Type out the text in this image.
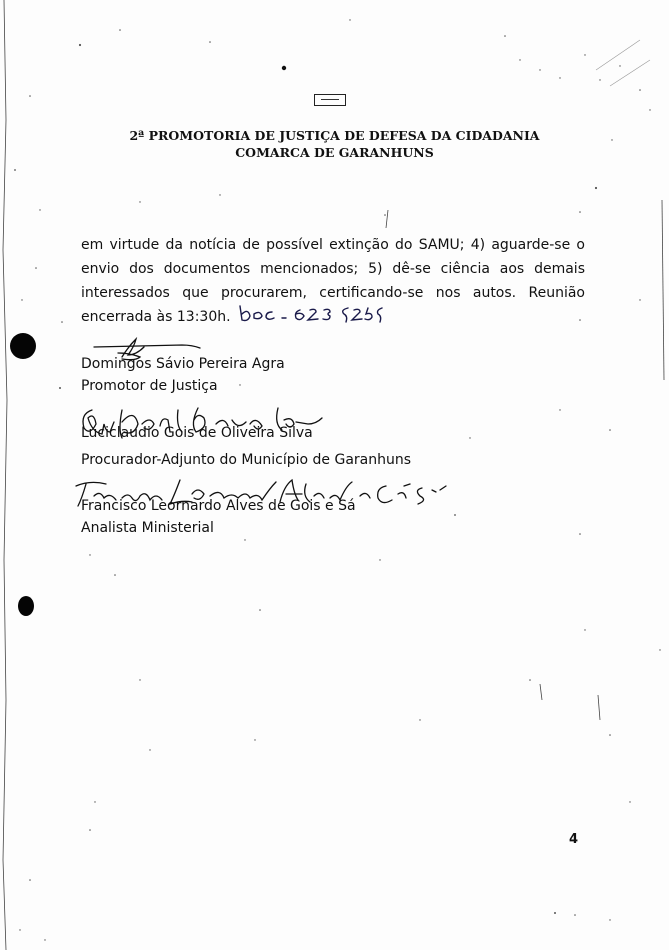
2ª PROMOTORIA DE JUSTIÇA DE DEFESA DA CIDADANIA
COMARCA DE GARANHUNS
em virtude da notícia de possível extinção do SAMU; 4) aguarde-se o
envio dos documentos mencionados; 5) dê-se ciência aos demais
interessados que procurarem, certificando-se nos autos. Reunião
encerrada às 13:30h.
Domingos Sávio Pereira Agra
Promotor de Justiça
Luciclaudio Gois de Oliveira Silva
Procurador-Adjunto do Município de Garanhuns
Francisco Leornardo Alves de Gois e Sá
Analista Ministerial
4
